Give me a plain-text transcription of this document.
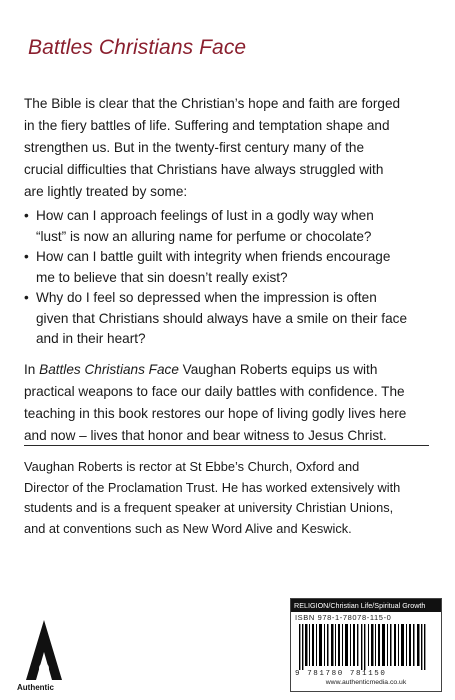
Battles Christians Face

The Bible is clear that the Christian’s hope and faith are forged
in the fiery battles of life. Suffering and temptation shape and
strengthen us. But in the twenty-first century many of the
crucial difficulties that Christians have always struggled with
are lightly treated by some:

• How can I approach feelings of lust in a godly way when
“lust” is now an alluring name for perfume or chocolate?
• How can I battle guilt with integrity when friends encourage
me to believe that sin doesn’t really exist?
• Why do I feel so depressed when the impression is often
given that Christians should always have a smile on their face
and in their heart?

In Battles Christians Face Vaughan Roberts equips us with
practical weapons to face our daily battles with confidence. The
teaching in this book restores our hope of living godly lives here
and now – lives that honor and bear witness to Jesus Christ.

Vaughan Roberts is rector at St Ebbe’s Church, Oxford and
Director of the Proclamation Trust. He has worked extensively with
students and is a frequent speaker at university Christian Unions,
and at conventions such as New Word Alive and Keswick.

Authentic
RELIGION/Christian Life/Spiritual Growth
ISBN 978-1-78078-115-0
9 781780 781150
www.authenticmedia.co.uk
